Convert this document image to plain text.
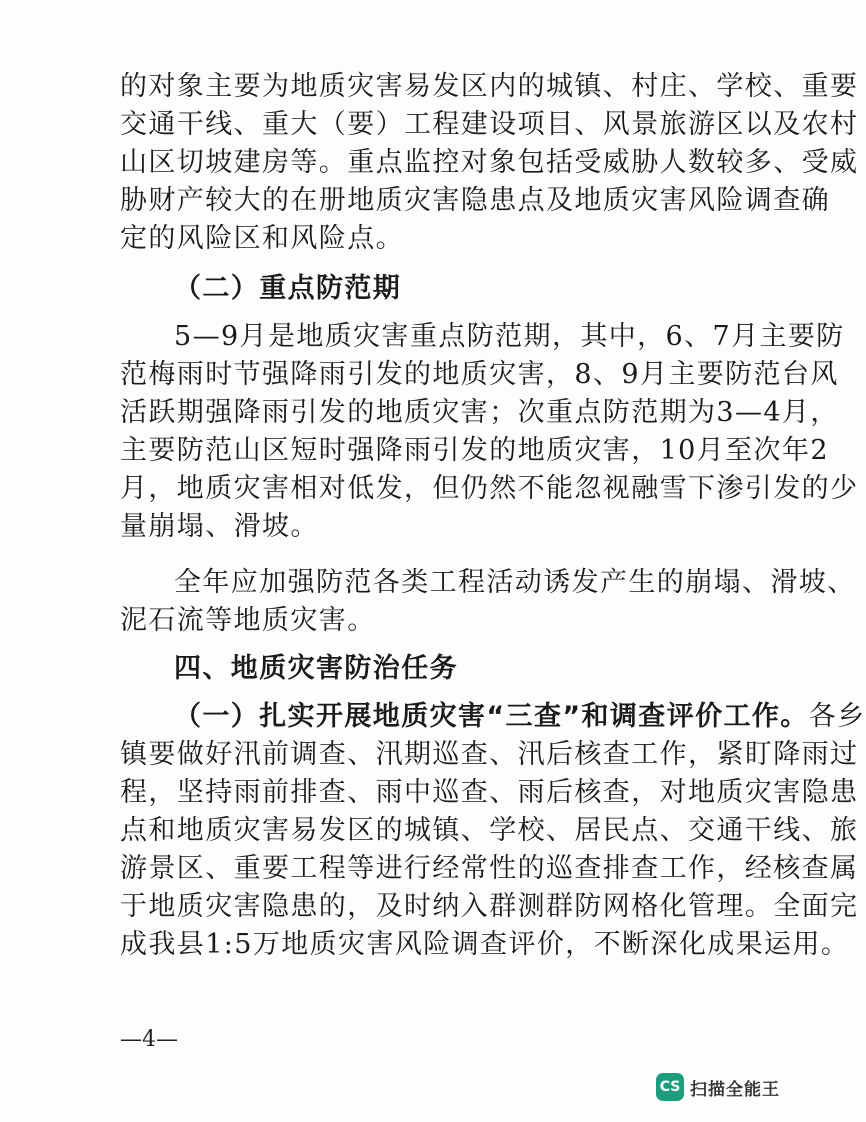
的对象主要为地质灾害易发区内的城镇、村庄、学校、重要
交通干线、重大（要）工程建设项目、风景旅游区以及农村
山区切坡建房等。重点监控对象包括受威胁人数较多、受威
胁财产较大的在册地质灾害隐患点及地质灾害风险调查确
定的风险区和风险点。
（二）重点防范期
5—9月是地质灾害重点防范期，其中，6、7月主要防
范梅雨时节强降雨引发的地质灾害，8、9月主要防范台风
活跃期强降雨引发的地质灾害；次重点防范期为3—4月，
主要防范山区短时强降雨引发的地质灾害，10月至次年2
月，地质灾害相对低发，但仍然不能忽视融雪下渗引发的少
量崩塌、滑坡。
全年应加强防范各类工程活动诱发产生的崩塌、滑坡、
泥石流等地质灾害。
四、地质灾害防治任务
（一）扎实开展地质灾害“三查”和调查评价工作。各乡
镇要做好汛前调查、汛期巡查、汛后核查工作，紧盯降雨过
程，坚持雨前排查、雨中巡查、雨后核查，对地质灾害隐患
点和地质灾害易发区的城镇、学校、居民点、交通干线、旅
游景区、重要工程等进行经常性的巡查排查工作，经核查属
于地质灾害隐患的，及时纳入群测群防网格化管理。全面完
成我县1:5万地质灾害风险调查评价，不断深化成果运用。
—4—
CS 扫描全能王
